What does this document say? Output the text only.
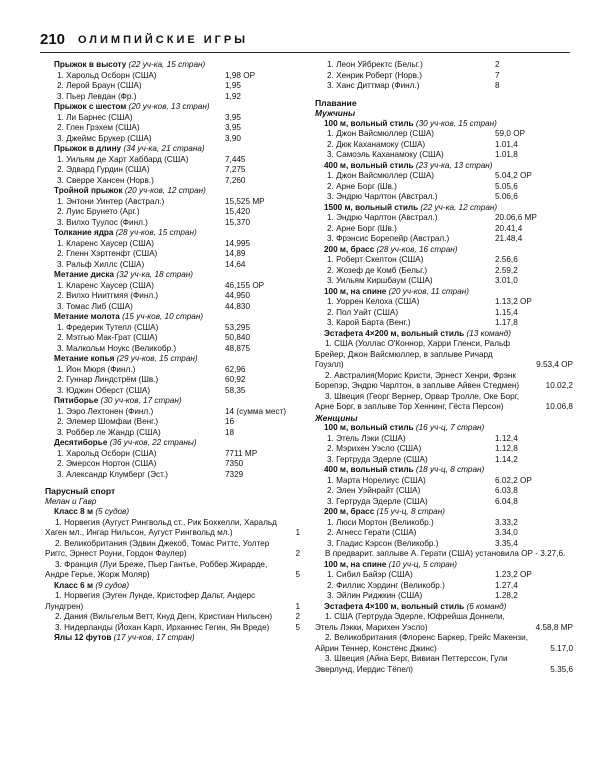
210 ОЛИМПИЙСКИЕ ИГРЫ
Прыжок в высоту (22 уч-ка, 15 стран)
1. Харольд Осборн (США)	1,98 ОР
2. Лерой Браун (США)	1,95
3. Пьер Левдан (Фр.)	1,92
Прыжок с шестом (20 уч-ков, 13 стран)
1. Ли Барнес (США)	3,95
2. Глен Грэхем (США)	3,95
3. Джеймс Брукер (США)	3,90
Прыжок в длину (34 уч-ка, 21 страна)
1. Уильям де Харт Хаббард (США)	7,445
2. Эдвард Гурдин (США)	7,275
3. Сверре Хансен (Норв.)	7,260
Тройной прыжок (20 уч-ков, 12 стран)
1. Энтони Уинтер (Австрал.)	15,525 МР
2. Луис Брунето (Арг.)	15,420
3. Вилхо Туулос (Финл.)	15,370
Толкание ядра (28 уч-ков, 15 стран)
1. Кларенс Хаусер (США)	14,995
2. Гленн Хэртгенфт (США)	14,89
3. Ральф Хиллс (США)	14,64
Метание диска (32 уч-ка, 18 стран)
1. Кларенс Хаусер (США)	46,155 ОР
2. Вилхо Ниитгмяя (Финл.)	44,950
3. Томас Либ (США)	44,830
Метание молота (15 уч-ков, 10 стран)
1. Фредерик Тутелл (США)	53,295
2. Мэтгью Мак-Грат (США)	50,840
3. Малкольм Ноукс (Великобр.)	48,875
Метание копья (29 уч-ков, 15 стран)
1. Йон Мюря (Финл.)	62,96
2. Гуннар Линдстрём (Шв.)	60,92
3. Юджин Оберст (США)	58,35
Пятиборье (30 уч-ков, 17 стран)
1. Ээро Лехтонен (Финл.)	14 (сумма мест)
2. Элемер Шомфаи (Венг.)	16
3. Роббер ле Жандр (США)	18
Десятиборье (36 уч-ков, 22 страны)
1. Харольд Осборн (США)	7711 МР
2. Эмерсон Нортон (США)	7350
3. Александр Клумберг (Эст.)	7329
Парусный спорт
Мелан и Гавр
Класс 8 м (5 судов)
1. Норвегия (Аугуст Рингвольд ст., Рик Бохкелли, Харальд Хаген мл., Ингар Нильсон, Аугуст Рингвольд мл.)	1
2. Великобритания (Эдвин Джекоб, Томас Риттс, Уолтер Риггс, Эрнест Роуни, Гордон Фаулер)	2
3. Франция (Луи Бреже, Пьер Гантье, Роббер Жирарде, Андре Герье, Жорж Моляр)	5
Класс 6 м (9 судов)
1. Норвегия (Эуген Лунде, Кристофер Дальт, Андерс Лундгрен)	1
2. Дания (Вильгельм Ветт, Кнуд Дегн, Кристиан Нильсен)	2
3. Нидерланды (Йохан Карп, Ирханнес Гегин, Ян Вреде)	5
Ялы 12 футов (17 уч-ков, 17 стран)
1. Леон Уйбректс (Бельг.)	2
2. Хенрик Роберт (Норв.)	7
3. Ханс Диттмар (Финл.)	8
Плавание
Мужчины
100 м, вольный стиль (30 уч-ков, 15 стран)
1. Джон Вайсмюллер (США)	59,0 ОР
2. Дюк Каханамоку (США)	1.01,4
3. Самоэль Каханамоку (США)	1.01,8
400 м, вольный стиль (23 уч-ка, 13 стран)
1. Джон Вайсмюллер (США)	5.04,2 ОР
2. Арне Борг (Шв.)	5.05,6
3. Эндрю Чарлтон (Австрал.)	5.06,6
1500 м, вольный стиль (22 уч-ка, 12 стран)
1. Эндрю Чарлтон (Австрал.)	20.06,6 МР
2. Арне Борг (Шв.)	20.41,4
3. Фрэнсис Борепейр (Австрал.)	21.48,4
200 м, брасс (28 уч-ков, 16 стран)
1. Роберт Скелтон (США)	2.56,6
2. Жозеф де Комб (Бельг.)	2.59,2
3. Уильям Киршбаум (США)	3.01,0
100 м, на спине (20 уч-ков, 11 стран)
1. Уоррен Келоха (США)	1.13,2 ОР
2. Пол Уайт (США)	1.15,4
3. Карой Барта (Венг.)	1.17,8
Эстафета 4×200 м, вольный стиль (13 команд)
1. США (Уоллас О'Коннор, Харри Гленси, Ральф Брейер, Джон Вайсмюллер, в заплыве Ричард Гоуэлл)	9.53,4 ОР
2. Австралия(Морис Кристи, Эрнест Хенри, Фрэнк Борепэр, Эндрю Чарлтон, в заплыве Айвен Стедмен)	10.02,2
3. Швеция (Георг Вернер, Орвар Тролле, Оке Борг, Арне Борг, в заплыве Тор Хеннинг, Гёста Персон)	10.06,8
Женщины
100 м, вольный стиль (16 уч-ц, 7 стран)
1. Этель Лэки (США)	1.12,4
2. Мэрихен Уэсло (США)	1.12,8
3. Гертруда Эдерле (США)	1.14,2
400 м, вольный стиль (18 уч-ц, 8 стран)
1. Марта Норелиус (США)	6.02,2 ОР
2. Элен Уэйнрайт (США)	6.03,8
3. Гертруда Эдерле (США)	6.04,8
200 м, брасс (15 уч-ц, 8 стран)
1. Люси Мортон (Великобр.)	3.33,2
2. Агнесс Герати (США)	3.34,0
3. Гладис Кэрсон (Великобр.)	3.35,4
В предварит. заплыве А. Герати (США) установила ОР - 3.27,6.
100 м, на спине (10 уч-ц, 5 стран)
1. Сибил Байэр (США)	1.23,2 ОР
2. Филлис Хэрдинг (Великобр.)	1.27,4
3. Эйлин Риджкин (США)	1.28,2
Эстафета 4×100 м, вольный стиль (6 команд)
1. США (Гертруда Эдерле, Юфрейша Доннели, Этель Лэкки, Марихен Уэсло)	4.58,8 МР
2. Великобритания (Флоренс Баркер, Грейс Макензи, Айрин Теннер, Констенс Джинс)	5.17,0
3. Швеция (Айна Берг, Вивиан Петтерссон, Гули Эверлунд, Иердис Тёпел)	5.35,6
